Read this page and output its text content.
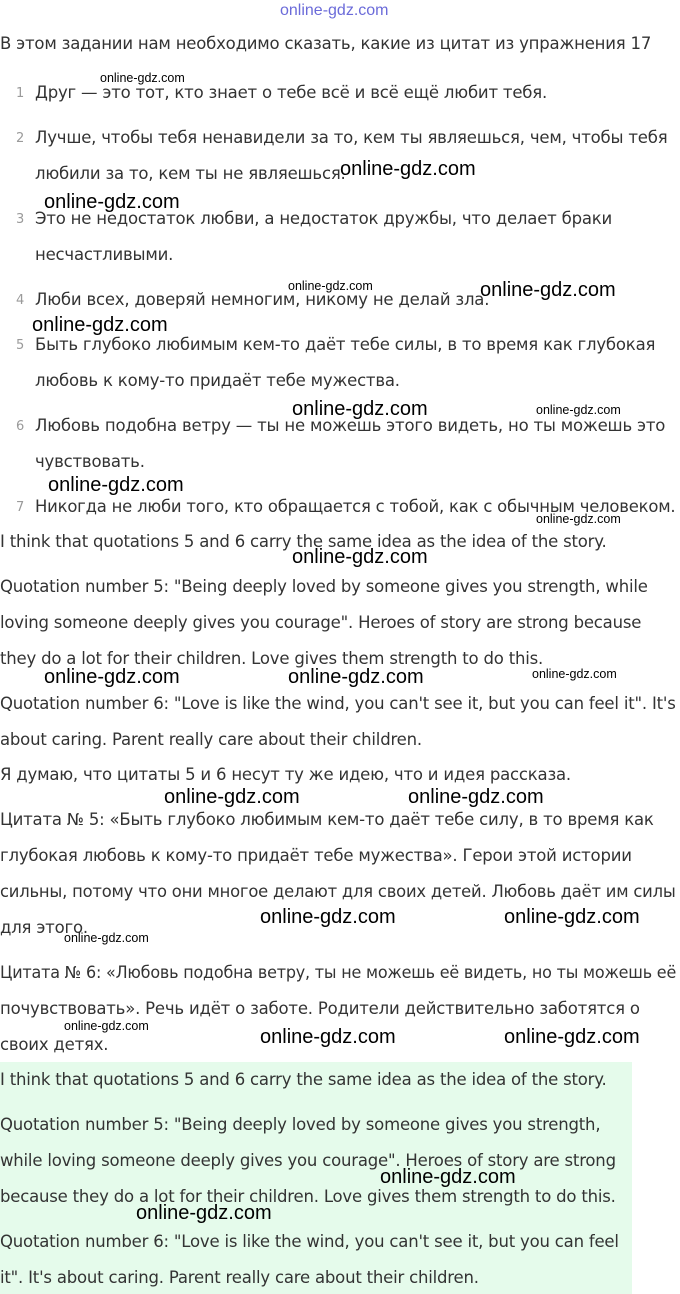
online-gdz.com
В этом задании нам необходимо сказать, какие из цитат из упражнения 17
1 Друг — это тот, кто знает о тебе всё и всё ещё любит тебя.
2 Лучше, чтобы тебя ненавидели за то, кем ты являешься, чем, чтобы тебя
любили за то, кем ты не являешься.
3 Это не недостаток любви, а недостаток дружбы, что делает браки
несчастливыми.
4 Люби всех, доверяй немногим, никому не делай зла.
5 Быть глубоко любимым кем-то даёт тебе силы, в то время как глубокая
любовь к кому-то придаёт тебе мужества.
6 Любовь подобна ветру — ты не можешь этого видеть, но ты можешь это
чувствовать.
7 Никогда не люби того, кто обращается с тобой, как с обычным человеком.
I think that quotations 5 and 6 carry the same idea as the idea of the story.
Quotation number 5: "Being deeply loved by someone gives you strength, while
loving someone deeply gives you courage". Heroes of story are strong because
they do a lot for their children. Love gives them strength to do this.
Quotation number 6: "Love is like the wind, you can't see it, but you can feel it". It's
about caring. Parent really care about their children.
Я думаю, что цитаты 5 и 6 несут ту же идею, что и идея рассказа.
Цитата № 5: «Быть глубоко любимым кем-то даёт тебе силу, в то время как
глубокая любовь к кому-то придаёт тебе мужества». Герои этой истории
сильны, потому что они многое делают для своих детей. Любовь даёт им силы
для этого.
Цитата № 6: «Любовь подобна ветру, ты не можешь её видеть, но ты можешь её
почувствовать». Речь идёт о заботе. Родители действительно заботятся о
своих детях.
I think that quotations 5 and 6 carry the same idea as the idea of the story.
Quotation number 5: "Being deeply loved by someone gives you strength,
while loving someone deeply gives you courage". Heroes of story are strong
because they do a lot for their children. Love gives them strength to do this.
Quotation number 6: "Love is like the wind, you can't see it, but you can feel
it". It's about caring. Parent really care about their children.
online-gdz.com
online-gdz.com
online-gdz.com
online-gdz.com	online-gdz.com
online-gdz.com
online-gdz.com	online-gdz.com
online-gdz.com
online-gdz.com
online-gdz.com
online-gdz.com
online-gdz.com	online-gdz.com
online-gdz.com	online-gdz.com
online-gdz.com	online-gdz.com
online-gdz.com
online-gdz.com	online-gdz.com	online-gdz.com
online-gdz.com
online-gdz.com
